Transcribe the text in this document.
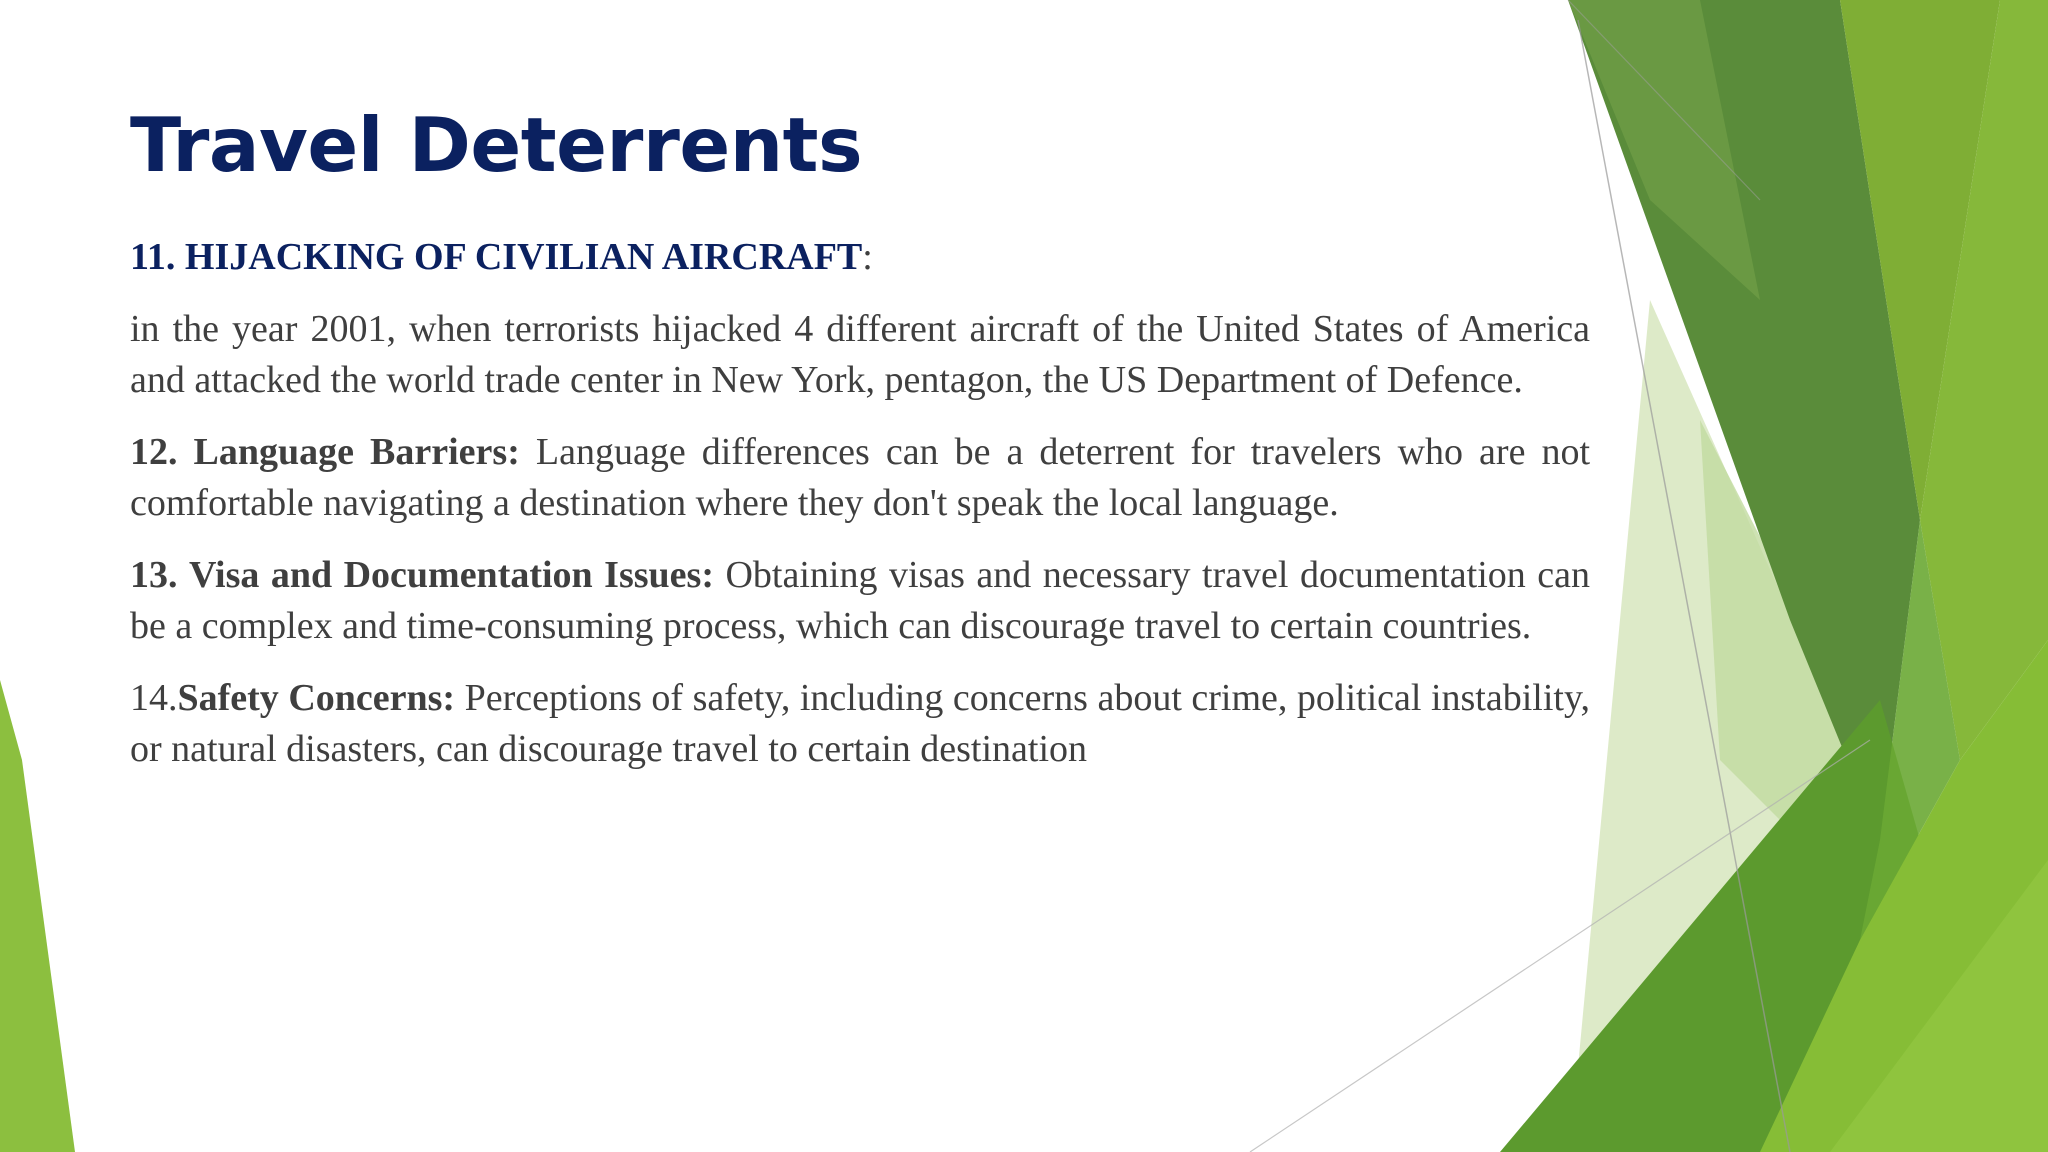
Travel Deterrents

11. HIJACKING OF CIVILIAN AIRCRAFT:

in the year 2001, when terrorists hijacked 4 different aircraft of the United States of America and attacked the world trade center in New York, pentagon, the US Department of Defence.

12. Language Barriers: Language differences can be a deterrent for travelers who are not comfortable navigating a destination where they don't speak the local language.

13. Visa and Documentation Issues: Obtaining visas and necessary travel documentation can be a complex and time-consuming process, which can discourage travel to certain countries.

14.Safety Concerns: Perceptions of safety, including concerns about crime, political instability, or natural disasters, can discourage travel to certain destination
